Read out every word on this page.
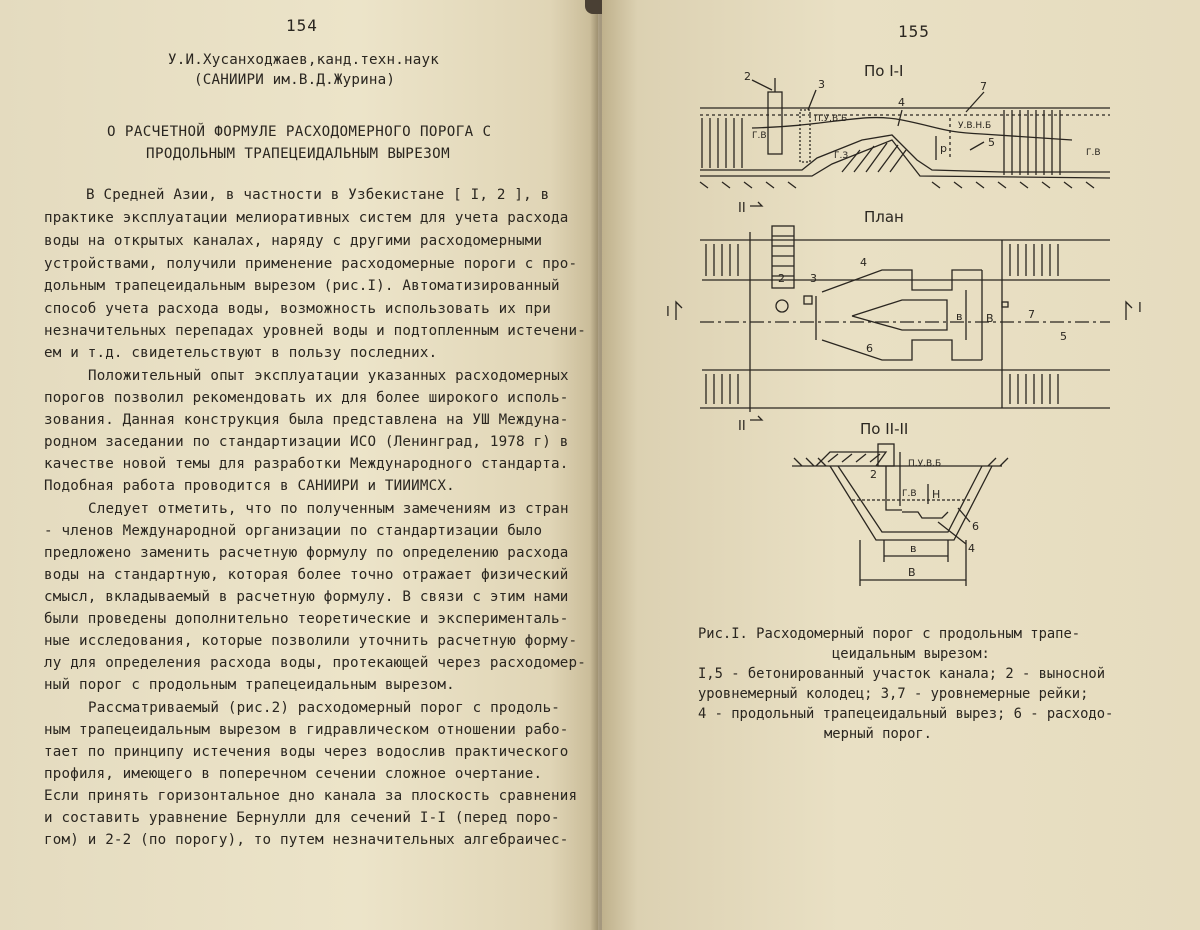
154
У.И.Хусанходжаев,канд.техн.наук
(САНИИРИ им.В.Д.Журина)
О РАСЧЕТНОЙ ФОРМУЛЕ РАСХОДОМЕРНОГО ПОРОГА С
ПРОДОЛЬНЫМ ТРАПЕЦЕИДАЛЬНЫМ ВЫРЕЗОМ
В Средней Азии, в частности в Узбекистане [ I, 2 ], в
практике эксплуатации мелиоративных систем для учета расхода
воды на открытых каналах, наряду с другими расходомерными
устройствами, получили применение расходомерные пороги с про-
дольным трапецеидальным вырезом (рис.I). Автоматизированный
способ учета расхода воды, возможность использовать их при
незначительных перепадах уровней воды и подтопленным истечени-
ем и т.д. свидетельствуют в пользу последних.
Положительный опыт эксплуатации указанных расходомерных
порогов позволил рекомендовать их для более широкого исполь-
зования. Данная конструкция была представлена на УШ Междуна-
родном заседании по стандартизации ИСО (Ленинград, 1978 г) в
качестве новой темы для разработки Международного стандарта.
Подобная работа проводится в САНИИРИ и ТИИИМСХ.
Следует отметить, что по полученным замечениям из стран
- членов Международной организации по стандартизации было
предложено заменить расчетную формулу по определению расхода
воды на стандартную, которая более точно отражает физический
смысл, вкладываемый в расчетную формулу. В связи с этим нами
были проведены дополнительно теоретические и эксперименталь-
ные исследования, которые позволили уточнить расчетную форму-
лу для определения расхода воды, протекающей через расходомер-
ный порог с продольным трапецеидальным вырезом.
Рассматриваемый (рис.2) расходомерный порог с продоль-
ным трапецеидальным вырезом в гидравлическом отношении рабо-
тает по принципу истечения воды через водослив практического
профиля, имеющего в поперечном сечении сложное очертание.
Если принять горизонтальное дно канала за плоскость сравнения
и составить уравнение Бернулли для сечений I-I (перед поро-
гом) и 2-2 (по порогу), то путем незначительных алгебраичес-
155
По I-I
2
3
П.У.В.Б
4
7
У.В.Н.Б
5
Г.В
Г.В
Г.З
p
План
2 3
4
6
7
5
в В
I	I
II
II	По II-II
2
П.У.В.Б
Г.В Н
6
4
в
В
Рис.I. Расходомерный порог с продольным трапе-
цеидальным вырезом:
I,5 - бетонированный участок канала; 2 - выносной
уровнемерный колодец; 3,7 - уровнемерные рейки;
4 - продольный трапецеидальный вырез; 6 - расходо-
мерный порог.
